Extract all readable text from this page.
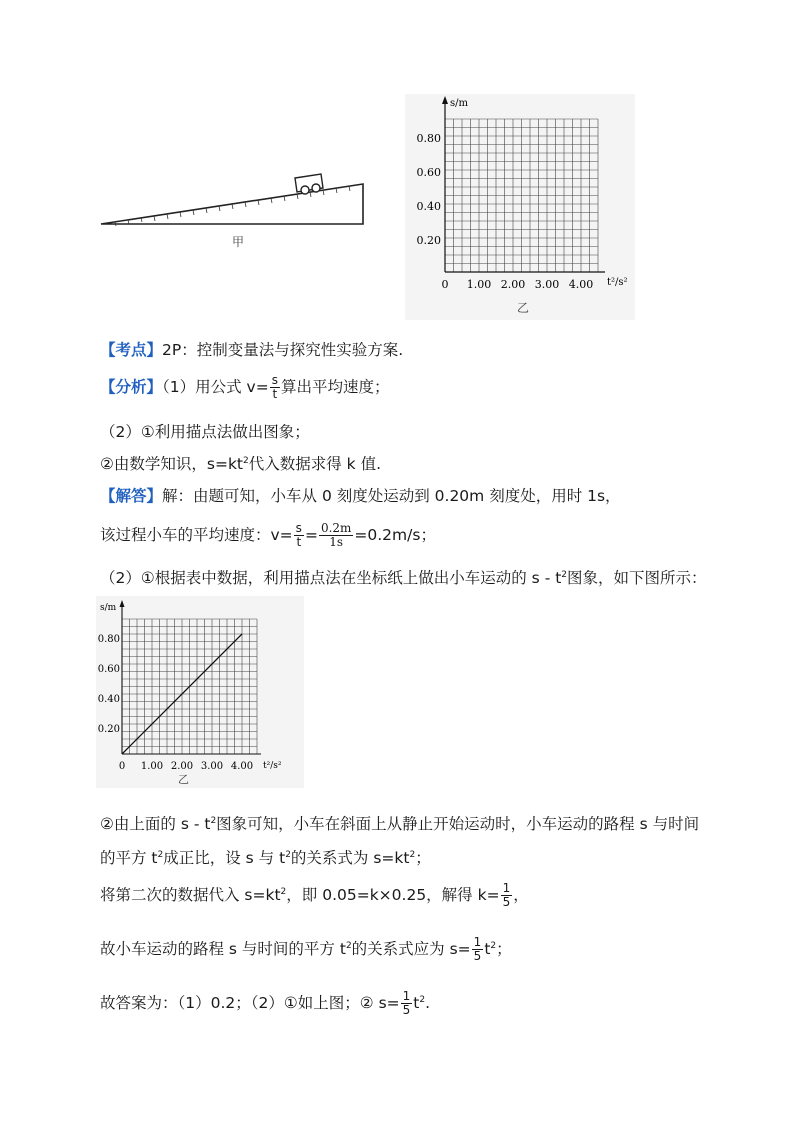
甲
s/m
t²/s²
0.80
0.60
0.40
0.20
0 1.00 2.00 3.00 4.00
乙
【考点】2P：控制变量法与探究性实验方案.
【分析】（1）用公式 $v= \frac{s}{t}$ 算出平均速度；
（2）①利用描点法做出图象；
②由数学知识，$s=kt^2$代入数据求得 k 值.
【解答】解：由题可知，小车从 0 刻度处运动到 0.20m 刻度处，用时 1s，
该过程小车的平均速度：$v= \frac{s}{t} = \frac{0.2m}{1s} =0.2m/s$；
（2）①根据表中数据，利用描点法在坐标纸上做出小车运动的 s - $t^2$图象，如下图所示：
s/m
t²/s²
0.80
0.60
0.40
0.20
0 1.00 2.00 3.00 4.00
乙
②由上面的 s - $t^2$图象可知，小车在斜面上从静止开始运动时，小车运动的路程 s 与时间
的平方 $t^2$成正比，设 s 与 $t^2$的关系式为 $s=kt^2$；
将第二次的数据代入 $s=kt^2$，即 0.05=k×0.25，解得 $k= \frac{1}{5}$ ，
故小车运动的路程 s 与时间的平方 $t^2$的关系式应为 $s= \frac{1}{5} t^2$；
故答案为：（1）0.2；（2）①如上图；② $s= \frac{1}{5} t^2$.
